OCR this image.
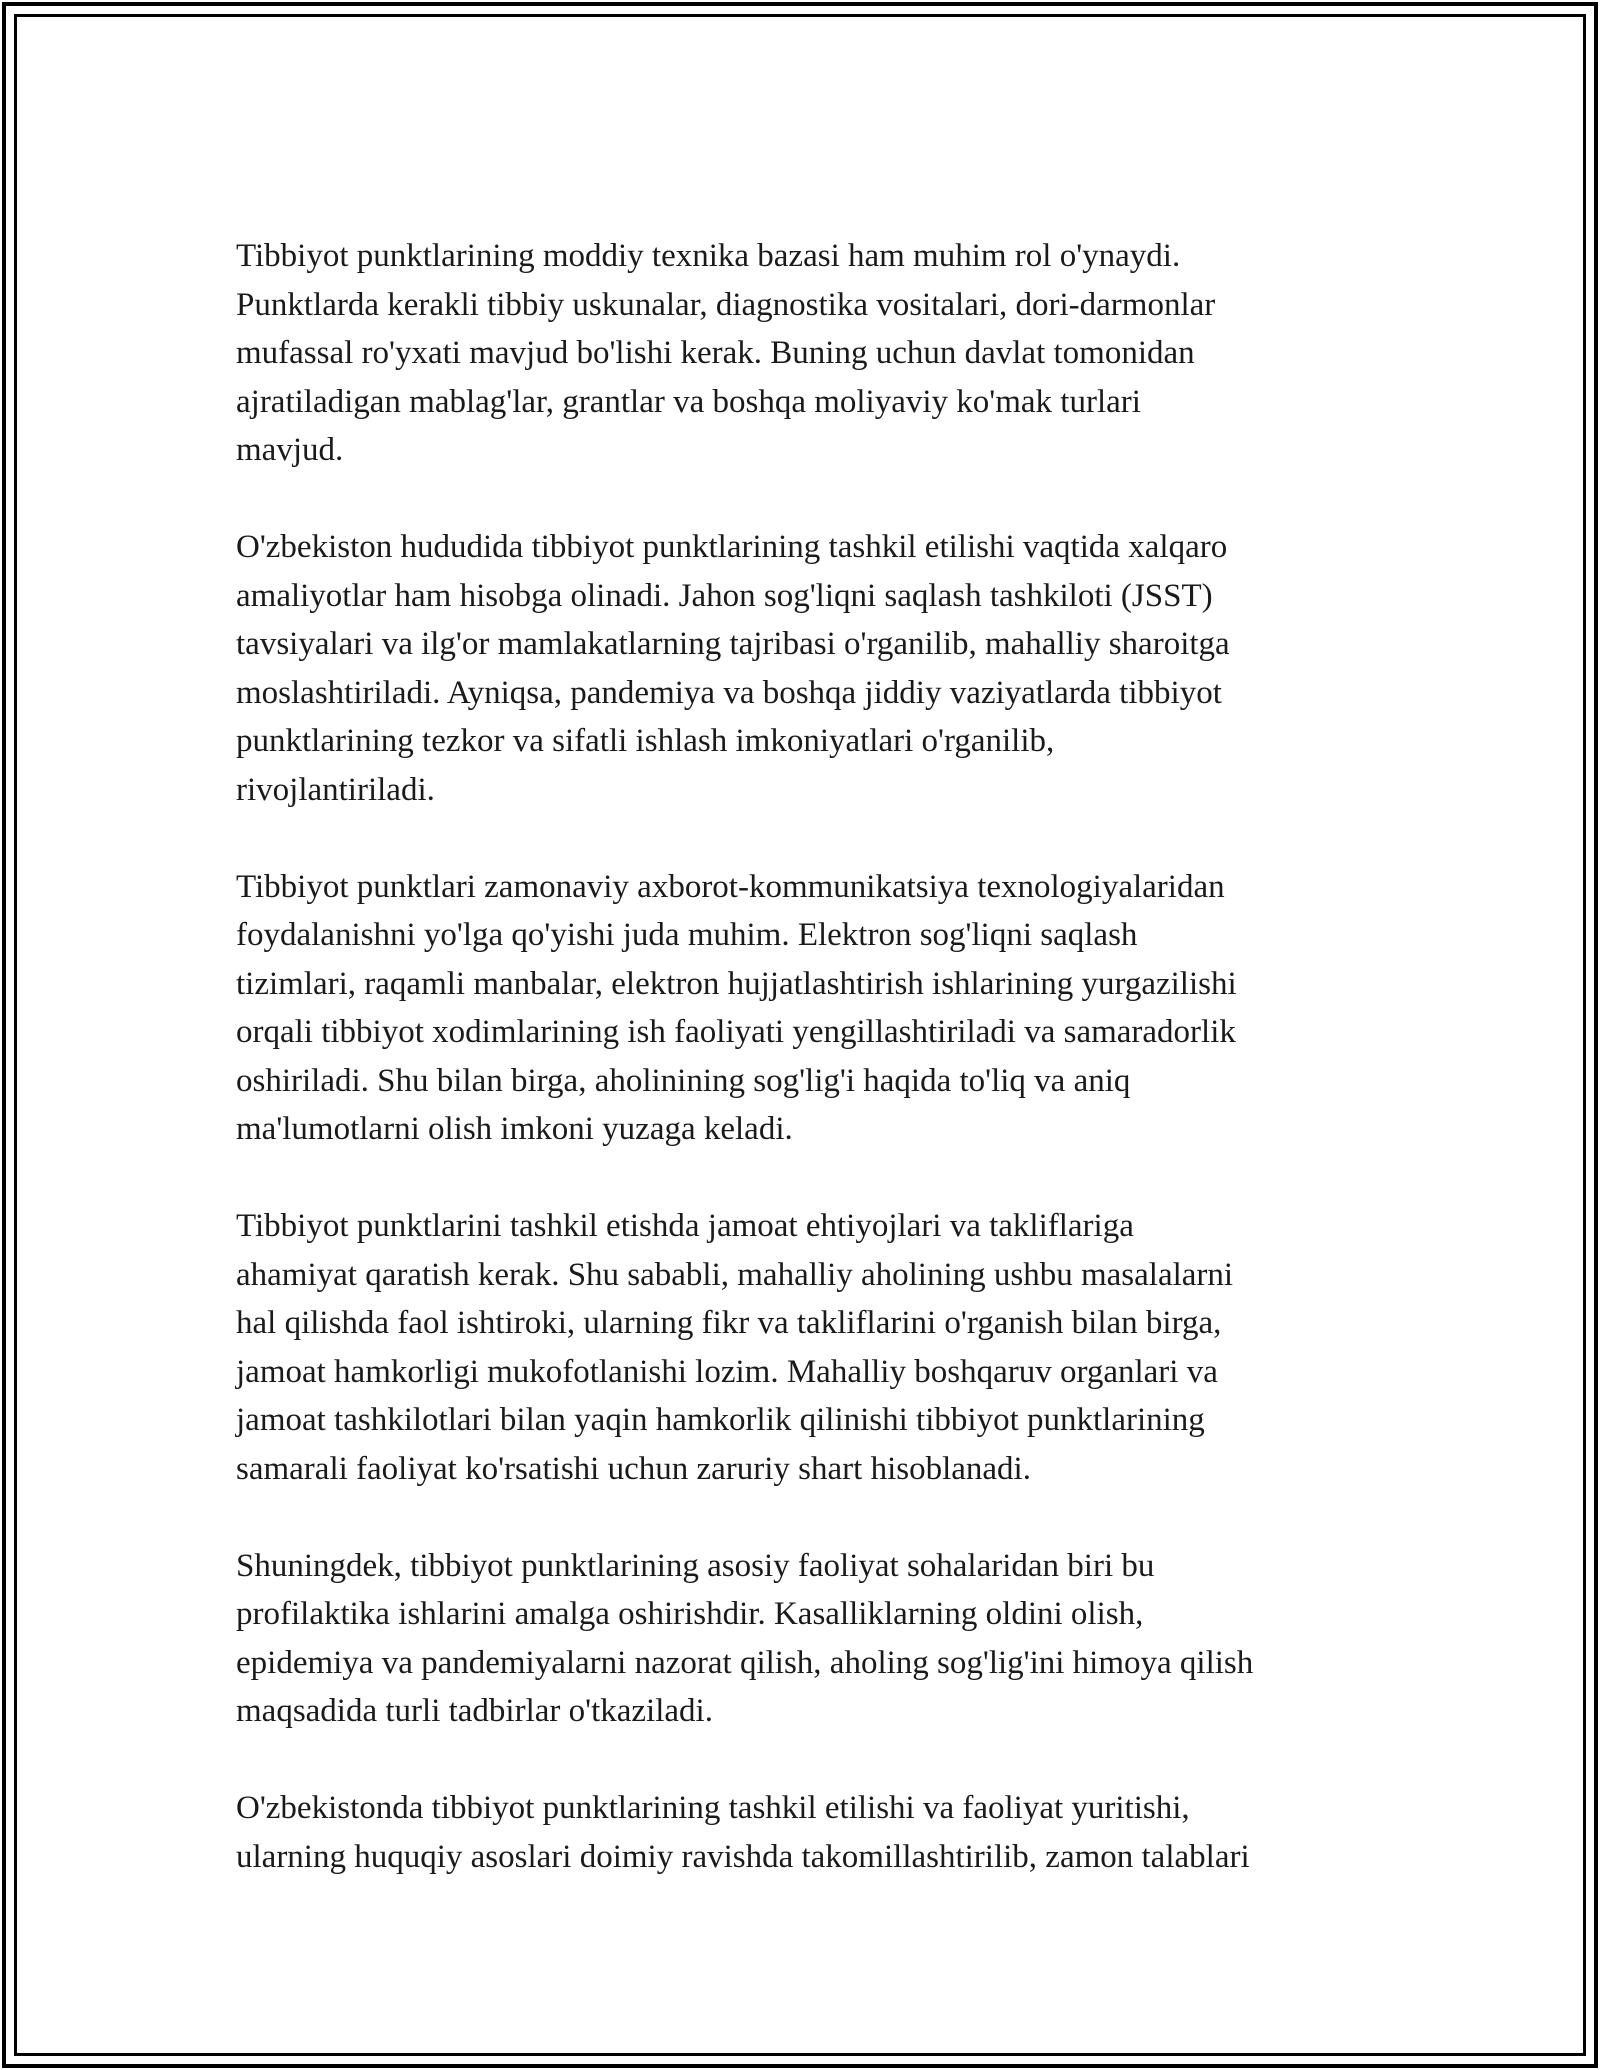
Tibbiyot punktlarining moddiy texnika bazasi ham muhim rol o'ynaydi.
Punktlarda kerakli tibbiy uskunalar, diagnostika vositalari, dori-darmonlar
mufassal ro'yxati mavjud bo'lishi kerak. Buning uchun davlat tomonidan
ajratiladigan mablag'lar, grantlar va boshqa moliyaviy ko'mak turlari
mavjud.

O'zbekiston hududida tibbiyot punktlarining tashkil etilishi vaqtida xalqaro
amaliyotlar ham hisobga olinadi. Jahon sog'liqni saqlash tashkiloti (JSST)
tavsiyalari va ilg'or mamlakatlarning tajribasi o'rganilib, mahalliy sharoitga
moslashtiriladi. Ayniqsa, pandemiya va boshqa jiddiy vaziyatlarda tibbiyot
punktlarining tezkor va sifatli ishlash imkoniyatlari o'rganilib,
rivojlantiriladi.

Tibbiyot punktlari zamonaviy axborot-kommunikatsiya texnologiyalaridan
foydalanishni yo'lga qo'yishi juda muhim. Elektron sog'liqni saqlash
tizimlari, raqamli manbalar, elektron hujjatlashtirish ishlarining yurgazilishi
orqali tibbiyot xodimlarining ish faoliyati yengillashtiriladi va samaradorlik
oshiriladi. Shu bilan birga, aholinining sog'lig'i haqida to'liq va aniq
ma'lumotlarni olish imkoni yuzaga keladi.

Tibbiyot punktlarini tashkil etishda jamoat ehtiyojlari va takliflariga
ahamiyat qaratish kerak. Shu sababli, mahalliy aholining ushbu masalalarni
hal qilishda faol ishtiroki, ularning fikr va takliflarini o'rganish bilan birga,
jamoat hamkorligi mukofotlanishi lozim. Mahalliy boshqaruv organlari va
jamoat tashkilotlari bilan yaqin hamkorlik qilinishi tibbiyot punktlarining
samarali faoliyat ko'rsatishi uchun zaruriy shart hisoblanadi.

Shuningdek, tibbiyot punktlarining asosiy faoliyat sohalaridan biri bu
profilaktika ishlarini amalga oshirishdir. Kasalliklarning oldini olish,
epidemiya va pandemiyalarni nazorat qilish, aholing sog'lig'ini himoya qilish
maqsadida turli tadbirlar o'tkaziladi.

O'zbekistonda tibbiyot punktlarining tashkil etilishi va faoliyat yuritishi,
ularning huquqiy asoslari doimiy ravishda takomillashtirilib, zamon talablari
